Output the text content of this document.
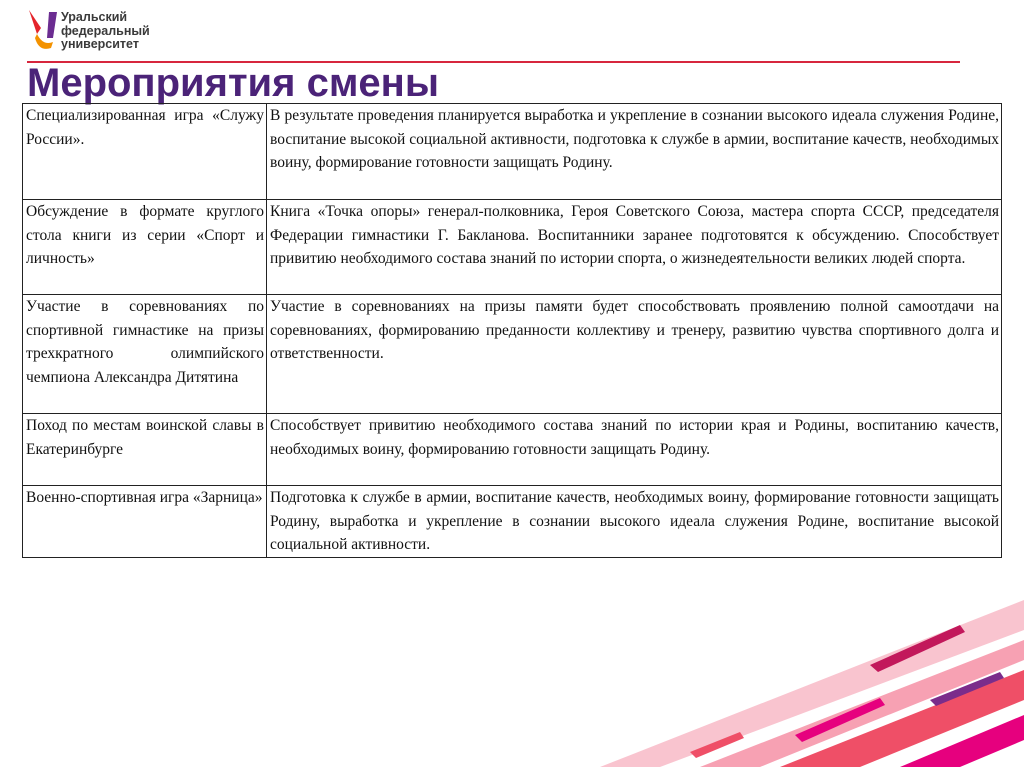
Уральский
федеральный
университет
Мероприятия смены
Специализированная игра «Служу России».	В результате проведения планируется выработка и укрепление в сознании высокого идеала служения Родине, воспитание высокой социальной активности, подготовка к службе в армии, воспитание качеств, необходимых воину, формирование готовности защищать Родину.
Обсуждение в формате круглого стола книги из серии «Спорт и личность»	Книга «Точка опоры» генерал-полковника, Героя Советского Союза, мастера спорта СССР, председателя Федерации гимнастики Г. Бакланова. Воспитанники заранее подготовятся к обсуждению. Способствует привитию необходимого состава знаний по истории спорта, о жизнедеятельности великих людей спорта.
Участие в соревнованиях по спортивной гимнастике на призы трехкратного олимпийского чемпиона Александра Дитятина	Участие в соревнованиях на призы памяти будет способствовать проявлению полной самоотдачи на соревнованиях, формированию преданности коллективу и тренеру, развитию чувства спортивного долга и ответственности.
Поход по местам воинской славы в Екатеринбурге	Способствует привитию необходимого состава знаний по истории края и Родины, воспитанию качеств, необходимых воину, формированию готовности защищать Родину.
Военно-спортивная игра «Зарница»	Подготовка к службе в армии, воспитание качеств, необходимых воину, формирование готовности защищать Родину, выработка и укрепление в сознании высокого идеала служения Родине, воспитание высокой социальной активности.
